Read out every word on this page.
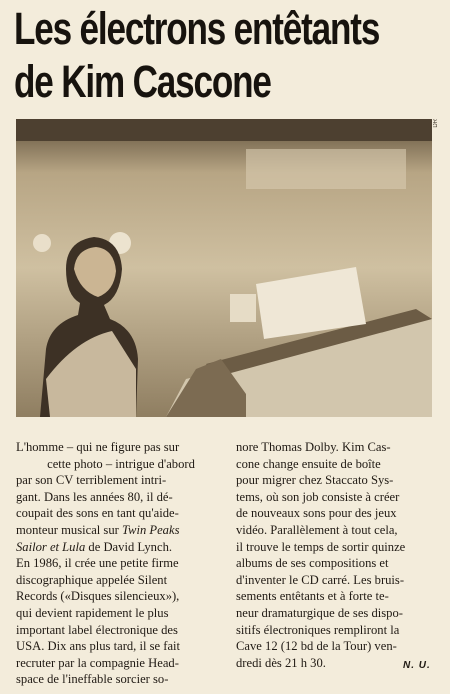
Les électrons entêtants
de Kim Cascone
DR
L'homme – qui ne figure pas sur
cette photo – intrigue d'abord
par son CV terriblement intri-
gant. Dans les années 80, il dé-
coupait des sons en tant qu'aide-
monteur musical sur Twin Peaks
Sailor et Lula de David Lynch.
En 1986, il crée une petite firme
discographique appelée Silent
Records («Disques silencieux»),
qui devient rapidement le plus
important label électronique des
USA. Dix ans plus tard, il se fait
recruter par la compagnie Head-
space de l'ineffable sorcier so-
nore Thomas Dolby. Kim Cas-
cone change ensuite de boîte
pour migrer chez Staccato Sys-
tems, où son job consiste à créer
de nouveaux sons pour des jeux
vidéo. Parallèlement à tout cela,
il trouve le temps de sortir quinze
albums de ses compositions et
d'inventer le CD carré. Les bruis-
sements entêtants et à forte te-
neur dramaturgique de ses dispo-
sitifs électroniques rempliront la
Cave 12 (12 bd de la Tour) ven-
dredi dès 21 h 30.	N. U.
